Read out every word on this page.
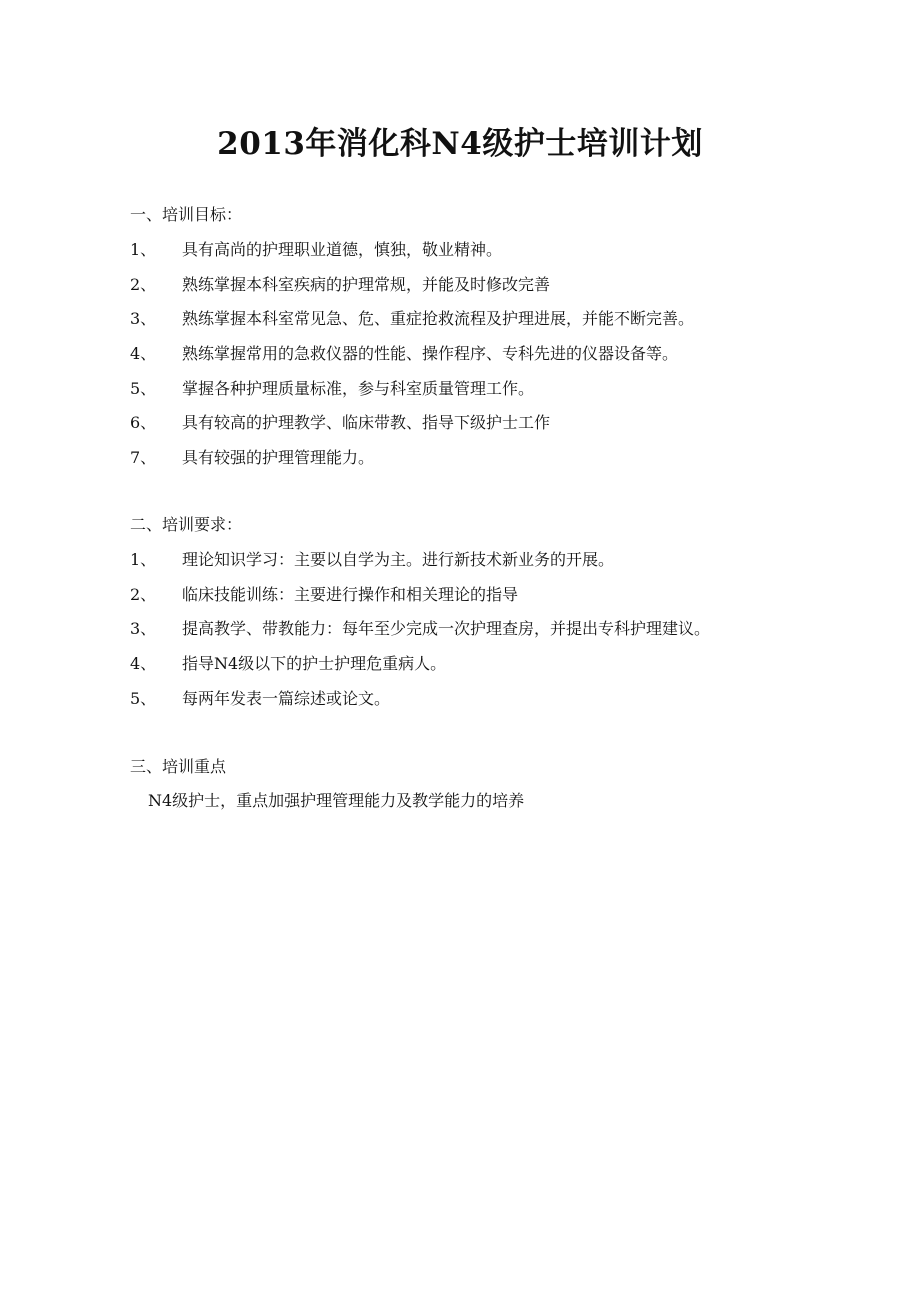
2013年消化科N4级护士培训计划
一、培训目标：
1、 具有高尚的护理职业道德，慎独，敬业精神。
2、 熟练掌握本科室疾病的护理常规，并能及时修改完善
3、 熟练掌握本科室常见急、危、重症抢救流程及护理进展，并能不断完善。
4、 熟练掌握常用的急救仪器的性能、操作程序、专科先进的仪器设备等。
5、 掌握各种护理质量标准，参与科室质量管理工作。
6、 具有较高的护理教学、临床带教、指导下级护士工作
7、 具有较强的护理管理能力。
二、培训要求：
1、 理论知识学习：主要以自学为主。进行新技术新业务的开展。
2、 临床技能训练：主要进行操作和相关理论的指导
3、 提高教学、带教能力：每年至少完成一次护理查房，并提出专科护理建议。
4、 指导N4级以下的护士护理危重病人。
5、 每两年发表一篇综述或论文。
三、培训重点
N4级护士，重点加强护理管理能力及教学能力的培养
